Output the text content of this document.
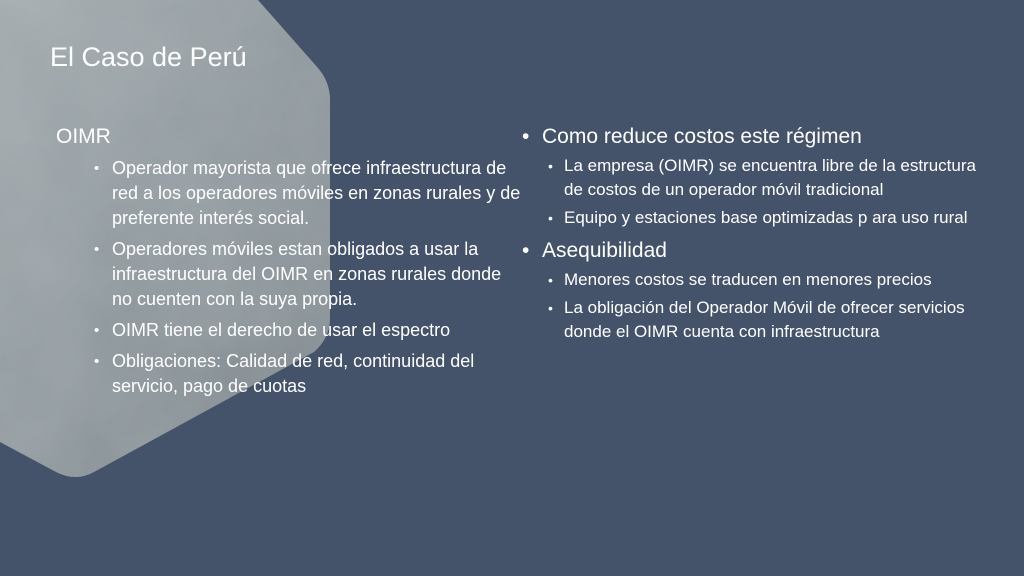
El Caso de Perú
OIMR
• Operador mayorista que ofrece infraestructura de red a los operadores móviles en zonas rurales y de preferente interés social.
• Operadores móviles estan obligados a usar la infraestructura del OIMR en zonas rurales donde no cuenten con la suya propia.
• OIMR tiene el derecho de usar el espectro
• Obligaciones: Calidad de red, continuidad del servicio, pago de cuotas
• Como reduce costos este régimen
• La empresa (OIMR) se encuentra libre de la estructura de costos de un operador móvil tradicional
• Equipo y estaciones base optimizadas p ara uso rural
• Asequibilidad
• Menores costos se traducen en menores precios
• La obligación del Operador Móvil de ofrecer servicios donde el OIMR cuenta con infraestructura
